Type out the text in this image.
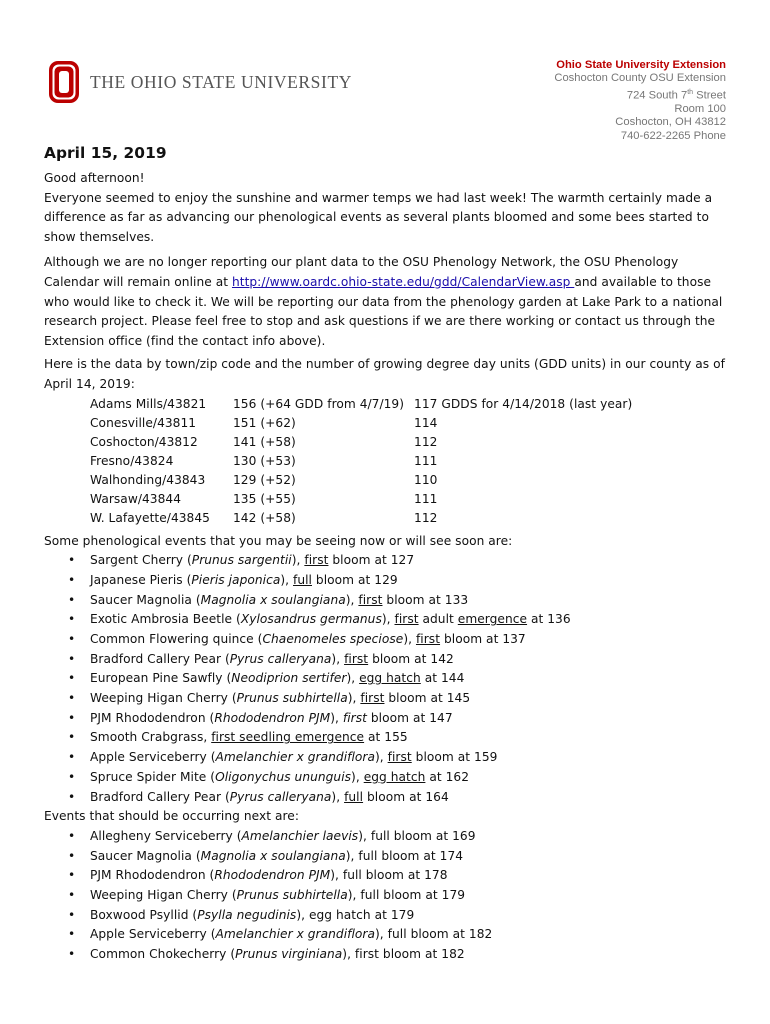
THE OHIO STATE UNIVERSITY
Ohio State University Extension
Coshocton County OSU Extension
724 South 7th Street
Room 100
Coshocton, OH 43812
740-622-2265 Phone
April 15, 2019

Good afternoon!

Everyone seemed to enjoy the sunshine and warmer temps we had last week! The warmth certainly made a difference as far as advancing our phenological events as several plants bloomed and some bees started to show themselves.

Although we are no longer reporting our plant data to the OSU Phenology Network, the OSU Phenology Calendar will remain online at http://www.oardc.ohio-state.edu/gdd/CalendarView.asp and available to those who would like to check it. We will be reporting our data from the phenology garden at Lake Park to a national research project. Please feel free to stop and ask questions if we are there working or contact us through the Extension office (find the contact info above).

Here is the data by town/zip code and the number of growing degree day units (GDD units) in our county as of April 14, 2019:

Adams Mills/43821	156 (+64 GDD from 4/7/19)	117 GDDS for 4/14/2018 (last year)
Conesville/43811	151 (+62)	114
Coshocton/43812	141 (+58)	112
Fresno/43824	130 (+53)	111
Walhonding/43843	129 (+52)	110
Warsaw/43844	135 (+55)	111
W. Lafayette/43845	142 (+58)	112

Some phenological events that you may be seeing now or will see soon are:

• Sargent Cherry (Prunus sargentii), first bloom at 127
• Japanese Pieris (Pieris japonica), full bloom at 129
• Saucer Magnolia (Magnolia x soulangiana), first bloom at 133
• Exotic Ambrosia Beetle (Xylosandrus germanus), first adult emergence at 136
• Common Flowering quince (Chaenomeles speciose), first bloom at 137
• Bradford Callery Pear (Pyrus calleryana), first bloom at 142
• European Pine Sawfly (Neodiprion sertifer), egg hatch at 144
• Weeping Higan Cherry (Prunus subhirtella), first bloom at 145
• PJM Rhododendron (Rhododendron PJM), first bloom at 147
• Smooth Crabgrass, first seedling emergence at 155
• Apple Serviceberry (Amelanchier x grandiflora), first bloom at 159
• Spruce Spider Mite (Oligonychus ununguis), egg hatch at 162
• Bradford Callery Pear (Pyrus calleryana), full bloom at 164

Events that should be occurring next are:

• Allegheny Serviceberry (Amelanchier laevis), full bloom at 169
• Saucer Magnolia (Magnolia x soulangiana), full bloom at 174
• PJM Rhododendron (Rhododendron PJM), full bloom at 178
• Weeping Higan Cherry (Prunus subhirtella), full bloom at 179
• Boxwood Psyllid (Psylla negudinis), egg hatch at 179
• Apple Serviceberry (Amelanchier x grandiflora), full bloom at 182
• Common Chokecherry (Prunus virginiana), first bloom at 182
